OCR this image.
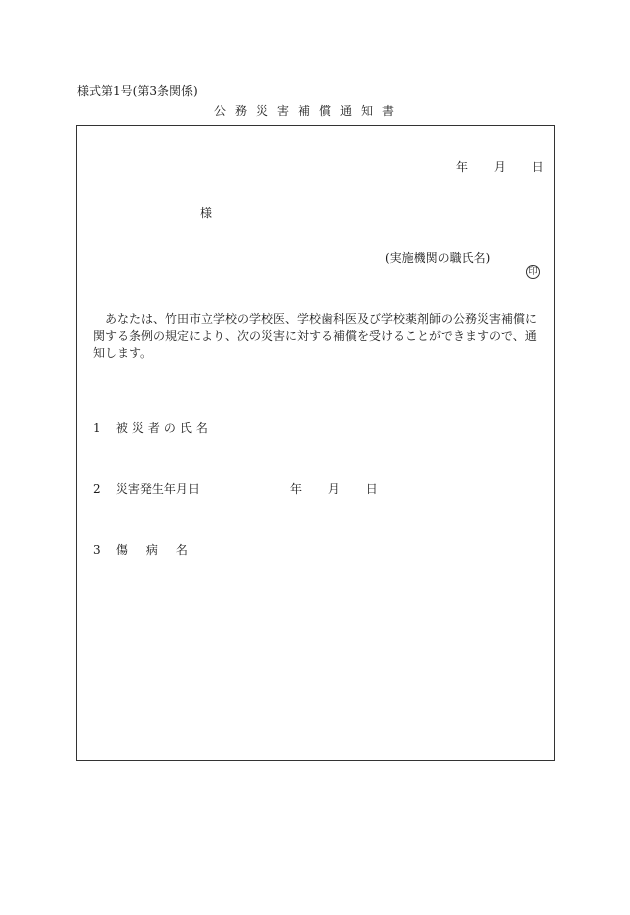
様式第1号(第3条関係)
公務災害補償通知書
年 月 日
様
(実施機関の職氏名)
印

あなたは、竹田市立学校の学校医、学校歯科医及び学校薬剤師の公務災害補償に関する条例の規定により、次の災害に対する補償を受けることができますので、通知します。

1 被災者の氏名
2 災害発生年月日	年 月 日
3 傷病名
